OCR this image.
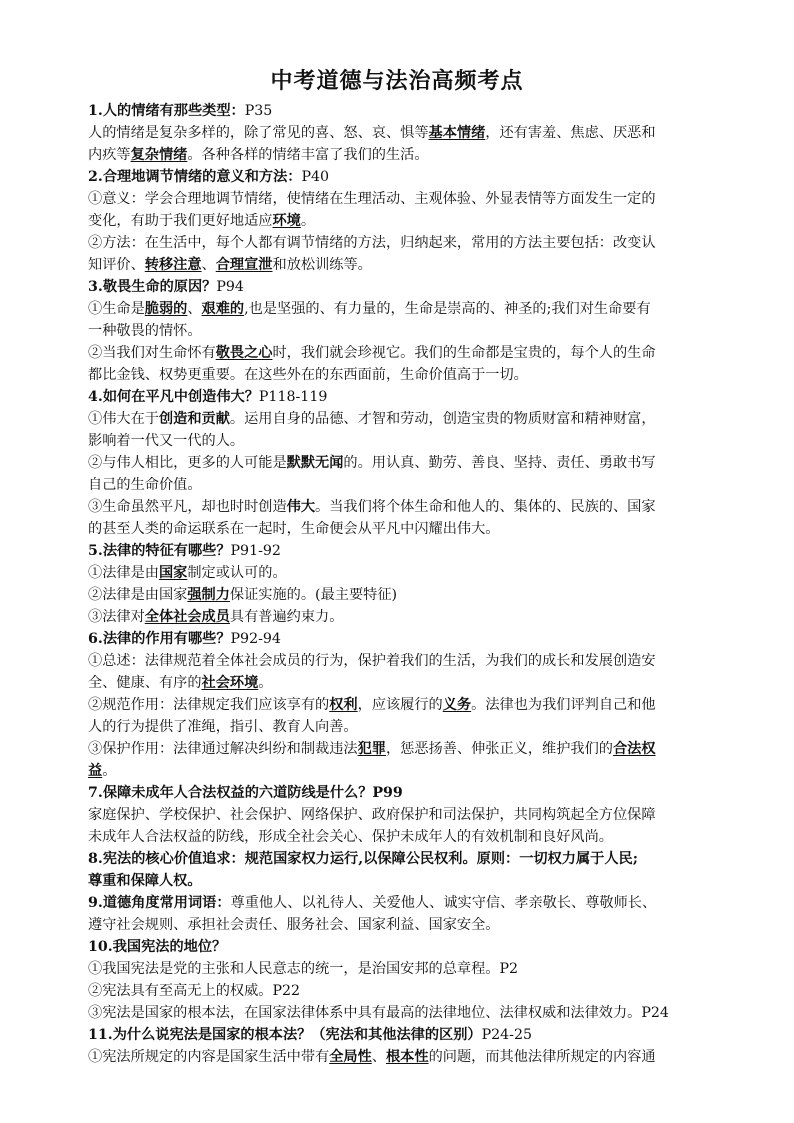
中考道德与法治高频考点
1.人的情绪有那些类型：P35
人的情绪是复杂多样的，除了常见的喜、怒、哀、惧等基本情绪，还有害羞、焦虑、厌恶和
内疚等复杂情绪。各种各样的情绪丰富了我们的生活。
2.合理地调节情绪的意义和方法：P40
①意义：学会合理地调节情绪，使情绪在生理活动、主观体验、外显表情等方面发生一定的
变化，有助于我们更好地适应环境。
②方法：在生活中，每个人都有调节情绪的方法，归纳起来，常用的方法主要包括：改变认
知评价、转移注意、合理宣泄和放松训练等。
3.敬畏生命的原因？P94
①生命是脆弱的、艰难的,也是坚强的、有力量的，生命是崇高的、神圣的;我们对生命要有
一种敬畏的情怀。
②当我们对生命怀有敬畏之心时，我们就会珍视它。我们的生命都是宝贵的，每个人的生命
都比金钱、权势更重要。在这些外在的东西面前，生命价值高于一切。
4.如何在平凡中创造伟大？P118-119
①伟大在于创造和贡献。运用自身的品德、才智和劳动，创造宝贵的物质财富和精神财富，
影响着一代又一代的人。
②与伟人相比，更多的人可能是默默无闻的。用认真、勤劳、善良、坚持、责任、勇敢书写
自己的生命价值。
③生命虽然平凡，却也时时创造伟大。当我们将个体生命和他人的、集体的、民族的、国家
的甚至人类的命运联系在一起时，生命便会从平凡中闪耀出伟大。
5.法律的特征有哪些？P91-92
①法律是由国家制定或认可的。
②法律是由国家强制力保证实施的。(最主要特征)
③法律对全体社会成员具有普遍约束力。
6.法律的作用有哪些？P92-94
①总述：法律规范着全体社会成员的行为，保护着我们的生活，为我们的成长和发展创造安
全、健康、有序的社会环境。
②规范作用：法律规定我们应该享有的权利，应该履行的义务。法律也为我们评判自己和他
人的行为提供了准绳，指引、教育人向善。
③保护作用：法律通过解决纠纷和制裁违法犯罪，惩恶扬善、伸张正义，维护我们的合法权
益。
7.保障未成年人合法权益的六道防线是什么？P99
家庭保护、学校保护、社会保护、网络保护、政府保护和司法保护，共同构筑起全方位保障
未成年人合法权益的防线，形成全社会关心、保护未成年人的有效机制和良好风尚。
8.宪法的核心价值追求：规范国家权力运行,以保障公民权利。原则：一切权力属于人民;
尊重和保障人权。
9.道德角度常用词语：尊重他人、以礼待人、关爱他人、诚实守信、孝亲敬长、尊敬师长、
遵守社会规则、承担社会责任、服务社会、国家利益、国家安全。
10.我国宪法的地位？
①我国宪法是党的主张和人民意志的统一，是治国安邦的总章程。P2
②宪法具有至高无上的权威。P22
③宪法是国家的根本法，在国家法律体系中具有最高的法律地位、法律权威和法律效力。P24
11.为什么说宪法是国家的根本法？（宪法和其他法律的区别）P24-25
①宪法所规定的内容是国家生活中带有全局性、根本性的问题，而其他法律所规定的内容通
